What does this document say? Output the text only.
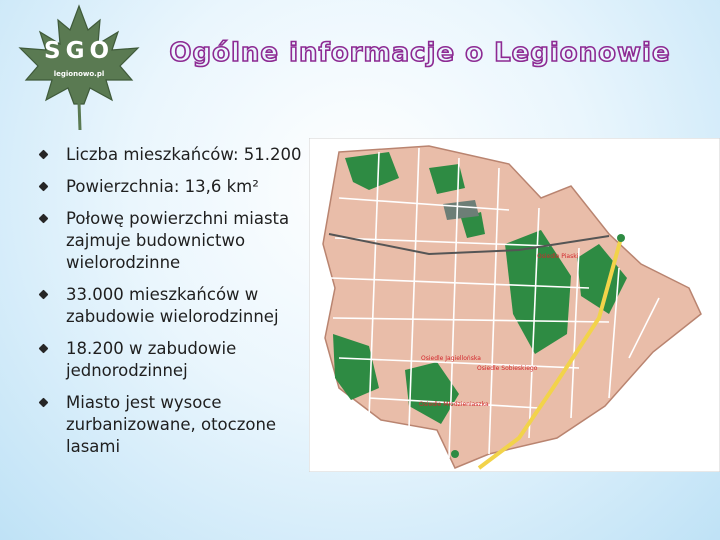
SGO
legionowo.pl
Ogólne informacje o Legionowie
Liczba mieszkańców: 51.200
Powierzchnia: 13,6 km²
Połowę powierzchni miasta zajmuje budownictwo wielorodzinne
33.000 mieszkańców w zabudowie wielorodzinnej
18.200 w zabudowie jednorodzinnej
Miasto jest wysoce zurbanizowane, otoczone lasami
Osiedle Piaski
Osiedle Jagiellońska
Osiedle Sobieskiego
Osiedle Młodzieniaszka
